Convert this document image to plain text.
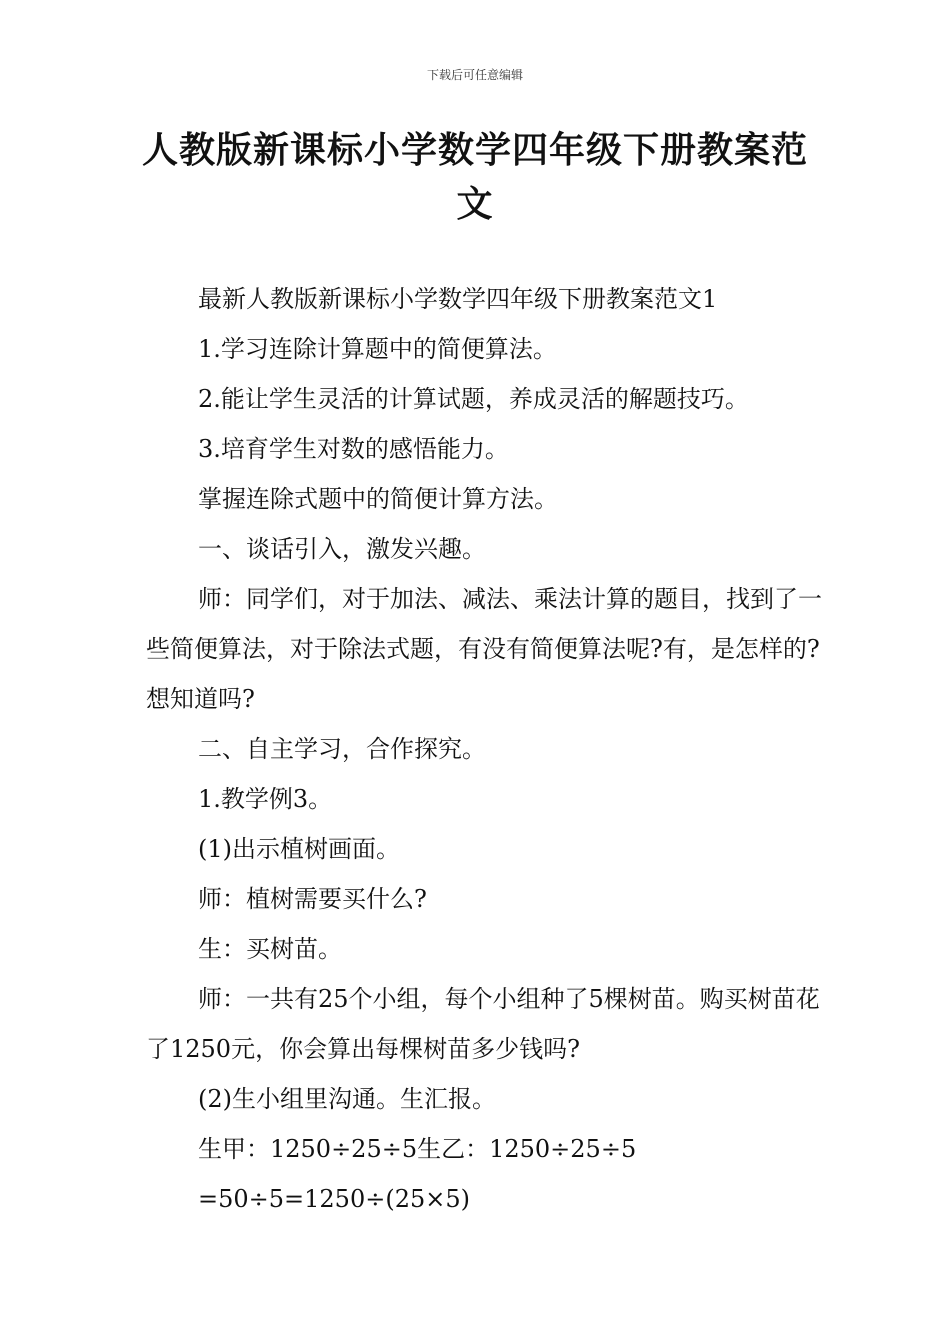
下载后可任意编辑
人教版新课标小学数学四年级下册教案范
文

最新人教版新课标小学数学四年级下册教案范文1

1.学习连除计算题中的简便算法。

2.能让学生灵活的计算试题，养成灵活的解题技巧。

3.培育学生对数的感悟能力。

掌握连除式题中的简便计算方法。

一、谈话引入，激发兴趣。

师：同学们，对于加法、减法、乘法计算的题目，找到了一些简便算法，对于除法式题，有没有简便算法呢?有，是怎样的?想知道吗?

二、自主学习，合作探究。

1.教学例3。

(1)出示植树画面。

师：植树需要买什么?

生：买树苗。

师：一共有25个小组，每个小组种了5棵树苗。购买树苗花了1250元，你会算出每棵树苗多少钱吗?

(2)生小组里沟通。生汇报。

生甲：1250÷25÷5生乙：1250÷25÷5

=50÷5=1250÷(25×5)
